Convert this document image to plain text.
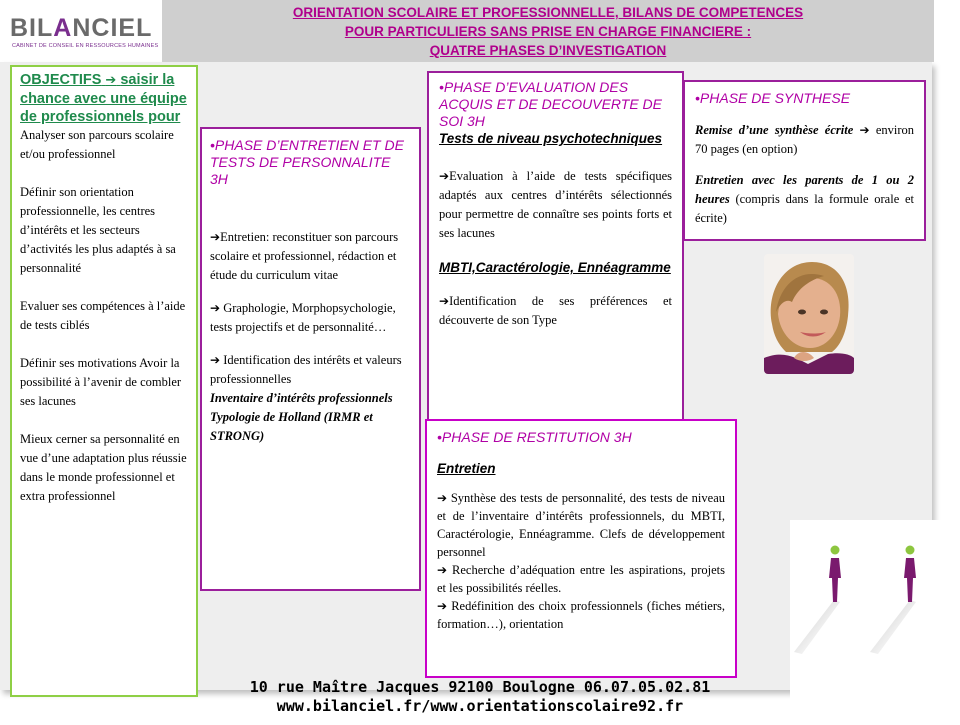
BILANCIEL
CABINET DE CONSEIL EN RESSOURCES HUMAINES
ORIENTATION SCOLAIRE ET PROFESSIONNELLE, BILANS DE COMPETENCES
POUR PARTICULIERS SANS PRISE EN CHARGE FINANCIERE :
QUATRE PHASES D’INVESTIGATION
OBJECTIFS ➔ saisir la chance avec une équipe de professionnels pour
Analyser son parcours scolaire et/ou professionnel
Définir son orientation professionnelle, les centres d’intérêts et les secteurs d’activités les plus adaptés à sa personnalité
Evaluer ses compétences à l’aide de tests ciblés
Définir ses motivations Avoir la possibilité à l’avenir de combler ses lacunes
Mieux cerner sa personnalité en vue d’une adaptation plus réussie dans le monde professionnel et extra professionnel
•PHASE D’ENTRETIEN ET DE TESTS DE PERSONNALITE 3H
➔Entretien: reconstituer son parcours scolaire et professionnel, rédaction et étude du curriculum vitae
➔ Graphologie, Morphopsychologie, tests projectifs et de personnalité…
➔ Identification des intérêts et valeurs professionnelles
Inventaire d’intérêts professionnels Typologie de Holland (IRMR et STRONG)
•PHASE D’EVALUATION DES ACQUIS ET DE DECOUVERTE DE SOI 3H
Tests de niveau psychotechniques
➔Evaluation à l’aide de tests spécifiques adaptés aux centres d’intérêts sélectionnés pour permettre de connaître ses points forts et ses lacunes
MBTI,Caractérologie, Ennéagramme
➔Identification de ses préférences et découverte de son Type
•PHASE DE SYNTHESE
Remise d’une synthèse écrite ➔ environ 70 pages (en option)
Entretien avec les parents de 1 ou 2 heures (compris dans la formule orale et écrite)
•PHASE DE RESTITUTION 3H
Entretien
➔ Synthèse des tests de personnalité, des tests de niveau et de l’inventaire d’intérêts professionnels, du MBTI, Caractérologie, Ennéagramme. Clefs de développement personnel
➔ Recherche d’adéquation entre les aspirations, projets et les possibilités réelles.
➔ Redéfinition des choix professionnels (fiches métiers, formation…), orientation
10 rue Maître Jacques 92100 Boulogne 06.07.05.02.81
www.bilanciel.fr/www.orientationscolaire92.fr
